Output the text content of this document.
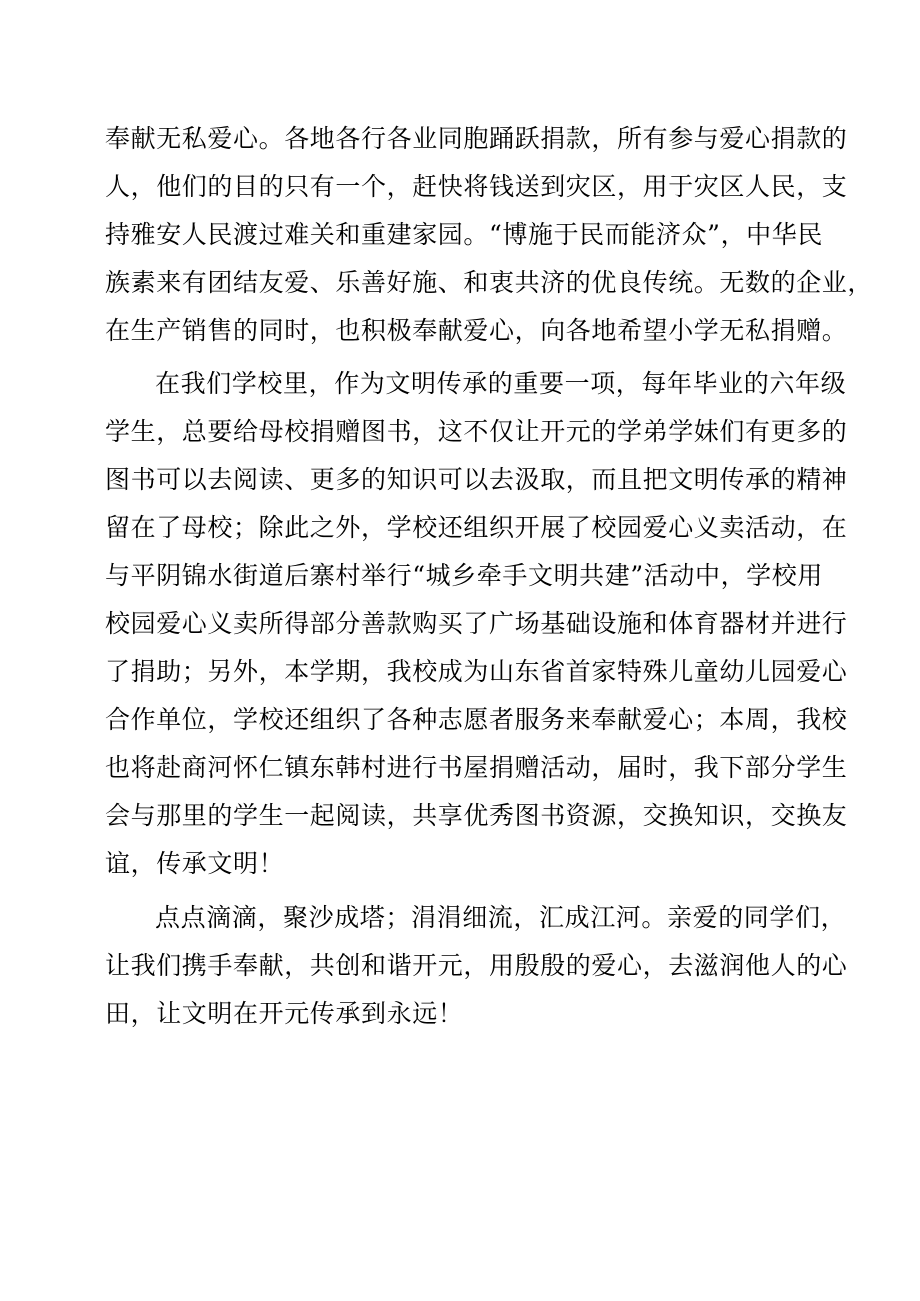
奉献无私爱心。各地各行各业同胞踊跃捐款，所有参与爱心捐款的
人，他们的目的只有一个，赶快将钱送到灾区，用于灾区人民，支
持雅安人民渡过难关和重建家园。“博施于民而能济众”，中华民
族素来有团结友爱、乐善好施、和衷共济的优良传统。无数的企业，
在生产销售的同时，也积极奉献爱心，向各地希望小学无私捐赠。
在我们学校里，作为文明传承的重要一项，每年毕业的六年级
学生，总要给母校捐赠图书，这不仅让开元的学弟学妹们有更多的
图书可以去阅读、更多的知识可以去汲取，而且把文明传承的精神
留在了母校；除此之外，学校还组织开展了校园爱心义卖活动，在
与平阴锦水街道后寨村举行“城乡牵手文明共建”活动中，学校用
校园爱心义卖所得部分善款购买了广场基础设施和体育器材并进行
了捐助；另外，本学期，我校成为山东省首家特殊儿童幼儿园爱心
合作单位，学校还组织了各种志愿者服务来奉献爱心；本周，我校
也将赴商河怀仁镇东韩村进行书屋捐赠活动，届时，我下部分学生
会与那里的学生一起阅读，共享优秀图书资源，交换知识，交换友
谊，传承文明！
点点滴滴，聚沙成塔；涓涓细流，汇成江河。亲爱的同学们，
让我们携手奉献，共创和谐开元，用殷殷的爱心，去滋润他人的心
田，让文明在开元传承到永远！
